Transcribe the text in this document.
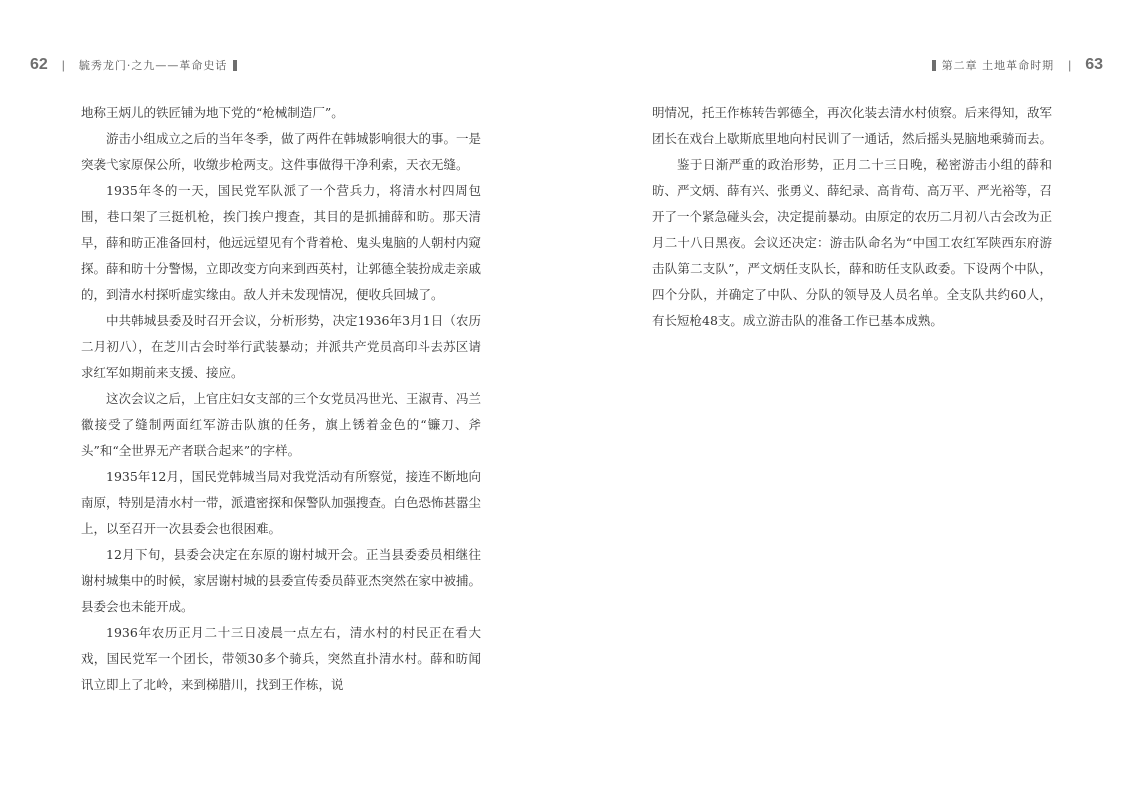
62 | 毓秀龙门·之九——革命史话	第二章 土地革命时期 | 63

地称王炳儿的铁匠铺为地下党的“枪械制造厂”。

游击小组成立之后的当年冬季，做了两件在韩城影响很大的事。一是突袭弋家原保公所，收缴步枪两支。这件事做得干净利索，天衣无缝。

1935年冬的一天，国民党军队派了一个营兵力，将清水村四周包围，巷口架了三挺机枪，挨门挨户搜查，其目的是抓捕薛和昉。那天清早，薛和昉正准备回村，他远远望见有个背着枪、鬼头鬼脑的人朝村内窥探。薛和昉十分警惕，立即改变方向来到西英村，让郭德全装扮成走亲戚的，到清水村探听虚实缘由。敌人并未发现情况，便收兵回城了。

中共韩城县委及时召开会议，分析形势，决定1936年3月1日（农历二月初八），在芝川古会时举行武装暴动；并派共产党员高印斗去苏区请求红军如期前来支援、接应。

这次会议之后，上官庄妇女支部的三个女党员冯世光、王淑青、冯兰徽接受了缝制两面红军游击队旗的任务，旗上锈着金色的“镰刀、斧头”和“全世界无产者联合起来”的字样。

1935年12月，国民党韩城当局对我党活动有所察觉，接连不断地向南原，特别是清水村一带，派遣密探和保警队加强搜查。白色恐怖甚嚣尘上，以至召开一次县委会也很困难。

12月下旬，县委会决定在东原的谢村城开会。正当县委委员相继往谢村城集中的时候，家居谢村城的县委宣传委员薛亚杰突然在家中被捕。县委会也未能开成。

1936年农历正月二十三日凌晨一点左右，清水村的村民正在看大戏，国民党军一个团长，带领30多个骑兵，突然直扑清水村。薛和昉闻讯立即上了北岭，来到梯腊川，找到王作栋，说

明情况，托王作栋转告郭德全，再次化装去清水村侦察。后来得知，敌军团长在戏台上歇斯底里地向村民训了一通话，然后摇头晃脑地乘骑而去。

鉴于日渐严重的政治形势，正月二十三日晚，秘密游击小组的薛和昉、严文炳、薛有兴、张勇义、薛纪录、高肯苟、高万平、严光裕等，召开了一个紧急碰头会，决定提前暴动。由原定的农历二月初八古会改为正月二十八日黑夜。会议还决定：游击队命名为“中国工农红军陕西东府游击队第二支队”，严文炳任支队长，薛和昉任支队政委。下设两个中队，四个分队，并确定了中队、分队的领导及人员名单。全支队共约60人，有长短枪48支。成立游击队的准备工作已基本成熟。
